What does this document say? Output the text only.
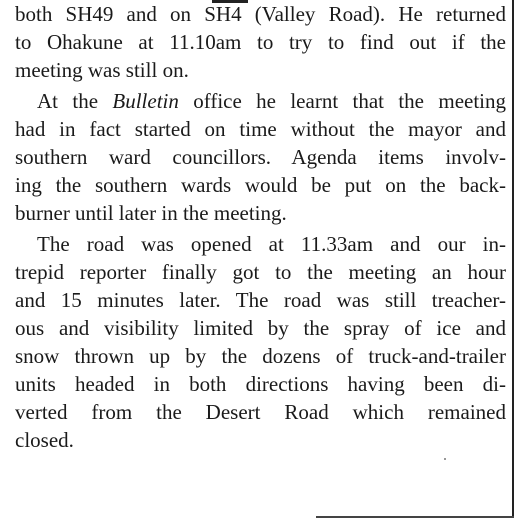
both SH49 and on SH4 (Valley Road). He returned
to Ohakune at 11.10am to try to find out if the
meeting was still on.
At the Bulletin office he learnt that the meeting
had in fact started on time without the mayor and
southern ward councillors. Agenda items involv-
ing the southern wards would be put on the back-
burner until later in the meeting.
The road was opened at 11.33am and our in-
trepid reporter finally got to the meeting an hour
and 15 minutes later. The road was still treacher-
ous and visibility limited by the spray of ice and
snow thrown up by the dozens of truck-and-trailer
units headed in both directions having been di-
verted from the Desert Road which remained
closed.
